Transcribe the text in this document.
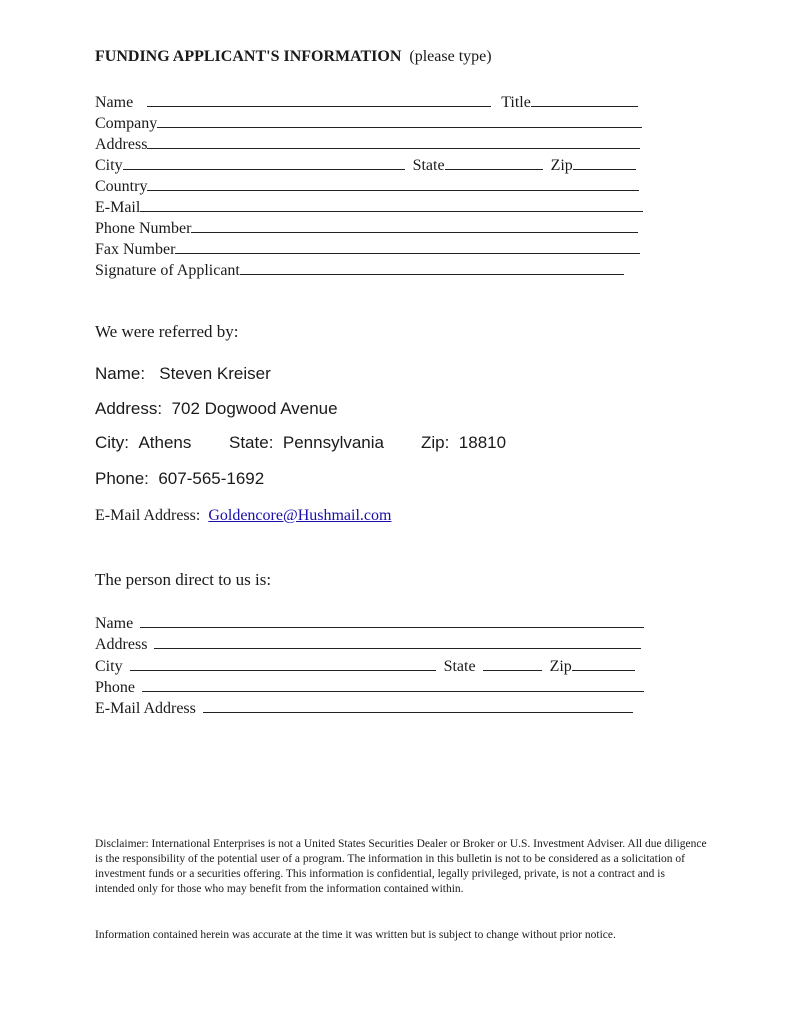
FUNDING APPLICANT'S INFORMATION (please type)
Name	Title
Company
Address
City	State	Zip
Country
E-Mail
Phone Number
Fax Number
Signature of Applicant
We were referred by:
Name: Steven Kreiser
Address: 702 Dogwood Avenue
City: Athens State: Pennsylvania Zip: 18810
Phone: 607-565-1692
E-Mail Address: Goldencore@Hushmail.com
The person direct to us is:
Name
Address
City	State	Zip
Phone
E-Mail Address
Disclaimer: International Enterprises is not a United States Securities Dealer or Broker or U.S. Investment Adviser. All due diligence is the responsibility of the potential user of a program. The information in this bulletin is not to be considered as a solicitation of investment funds or a securities offering. This information is confidential, legally privileged, private, is not a contract and is intended only for those who may benefit from the information contained within.
Information contained herein was accurate at the time it was written but is subject to change without prior notice.
